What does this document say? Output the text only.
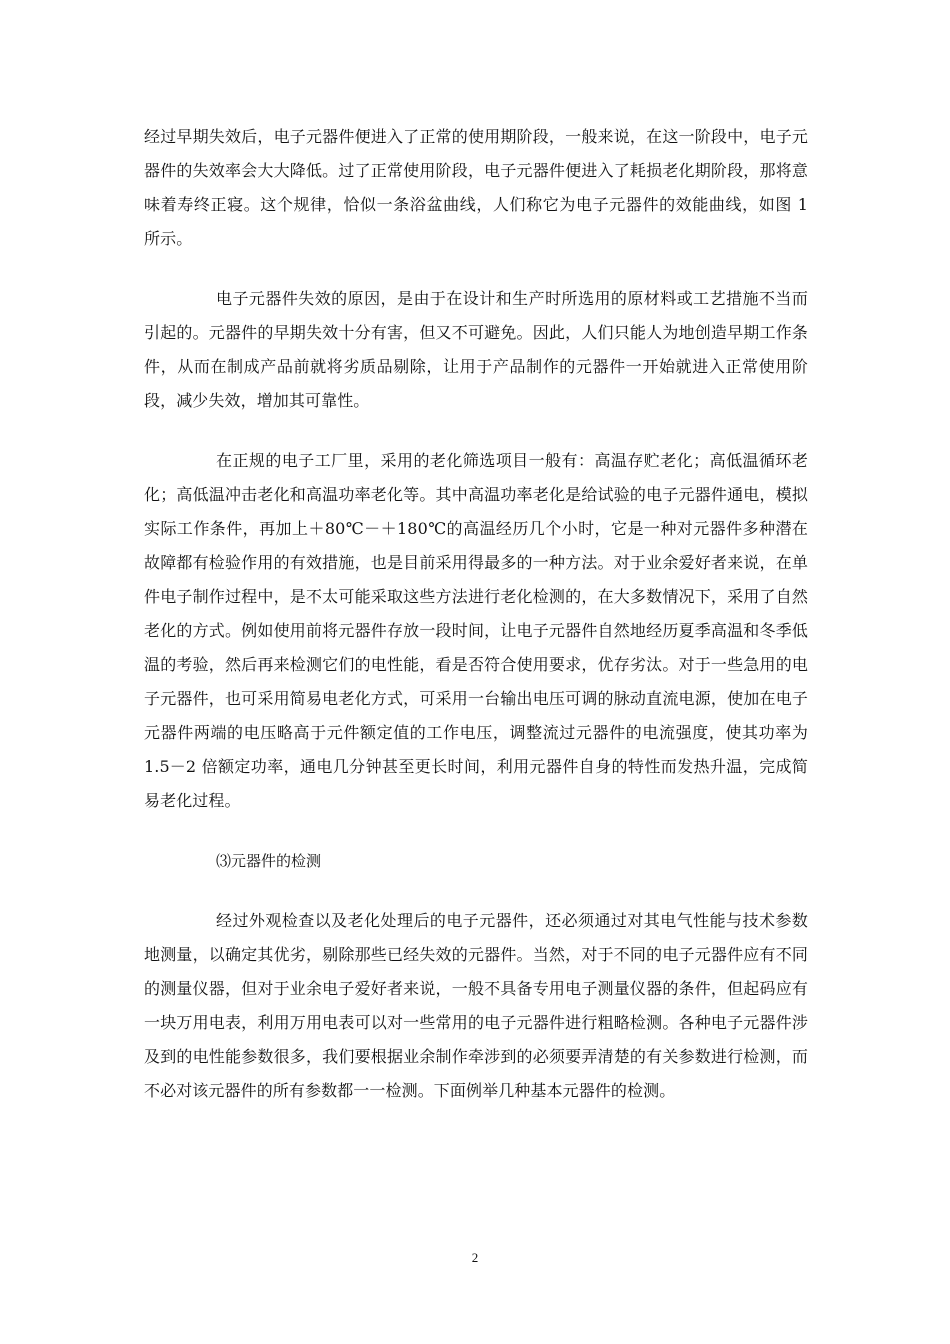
经过早期失效后，电子元器件便进入了正常的使用期阶段，一般来说，在这一阶段中，电子元器件的失效率会大大降低。过了正常使用阶段，电子元器件便进入了耗损老化期阶段，那将意味着寿终正寝。这个规律，恰似一条浴盆曲线，人们称它为电子元器件的效能曲线，如图 1 所示。

电子元器件失效的原因，是由于在设计和生产时所选用的原材料或工艺措施不当而引起的。元器件的早期失效十分有害，但又不可避免。因此，人们只能人为地创造早期工作条件，从而在制成产品前就将劣质品剔除，让用于产品制作的元器件一开始就进入正常使用阶段，减少失效，增加其可靠性。

在正规的电子工厂里，采用的老化筛选项目一般有：高温存贮老化；高低温循环老化；高低温冲击老化和高温功率老化等。其中高温功率老化是给试验的电子元器件通电，模拟实际工作条件，再加上＋80℃－＋180℃的高温经历几个小时，它是一种对元器件多种潜在故障都有检验作用的有效措施，也是目前采用得最多的一种方法。对于业余爱好者来说，在单件电子制作过程中，是不太可能采取这些方法进行老化检测的，在大多数情况下，采用了自然老化的方式。例如使用前将元器件存放一段时间，让电子元器件自然地经历夏季高温和冬季低温的考验，然后再来检测它们的电性能，看是否符合使用要求，优存劣汰。对于一些急用的电子元器件，也可采用简易电老化方式，可采用一台输出电压可调的脉动直流电源，使加在电子元器件两端的电压略高于元件额定值的工作电压，调整流过元器件的电流强度，使其功率为 1.5－2 倍额定功率，通电几分钟甚至更长时间，利用元器件自身的特性而发热升温，完成简易老化过程。

⑶元器件的检测

经过外观检查以及老化处理后的电子元器件，还必须通过对其电气性能与技术参数地测量，以确定其优劣，剔除那些已经失效的元器件。当然，对于不同的电子元器件应有不同的测量仪器，但对于业余电子爱好者来说，一般不具备专用电子测量仪器的条件，但起码应有一块万用电表，利用万用电表可以对一些常用的电子元器件进行粗略检测。各种电子元器件涉及到的电性能参数很多，我们要根据业余制作牵涉到的必须要弄清楚的有关参数进行检测，而不必对该元器件的所有参数都一一检测。下面例举几种基本元器件的检测。

2
